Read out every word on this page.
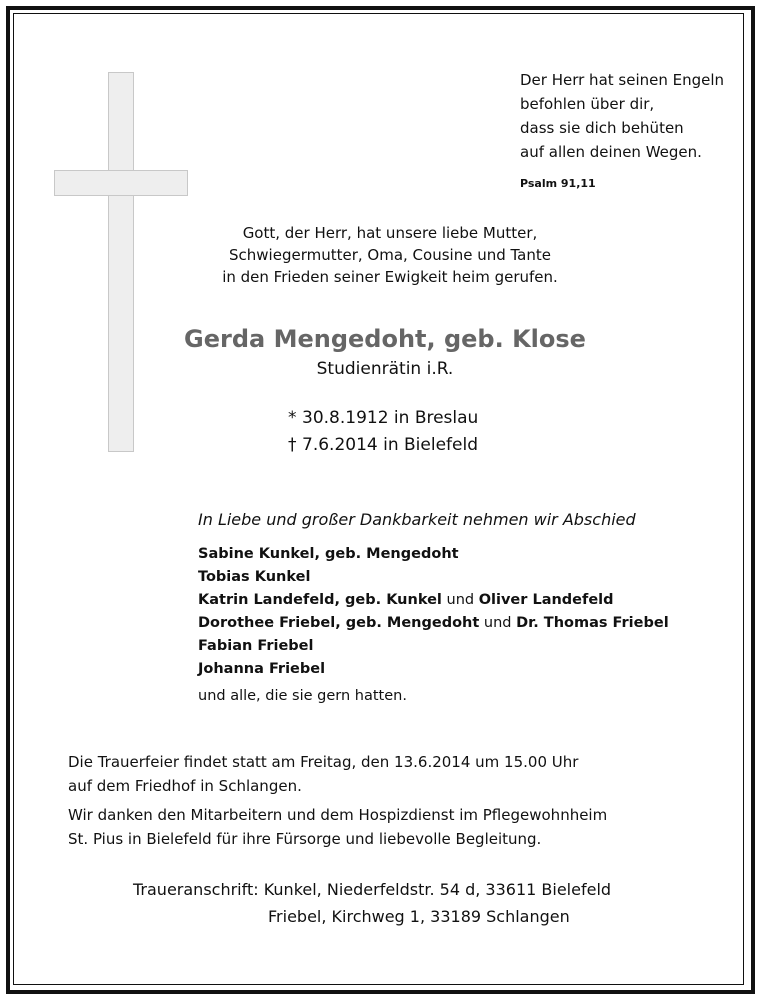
Der Herr hat seinen Engeln
befohlen über dir,
dass sie dich behüten
auf allen deinen Wegen.
Psalm 91,11
Gott, der Herr, hat unsere liebe Mutter,
Schwiegermutter, Oma, Cousine und Tante
in den Frieden seiner Ewigkeit heim gerufen.
Gerda Mengedoht, geb. Klose
Studienrätin i.R.
* 30.8.1912 in Breslau
† 7.6.2014 in Bielefeld
In Liebe und großer Dankbarkeit nehmen wir Abschied
Sabine Kunkel, geb. Mengedoht
Tobias Kunkel
Katrin Landefeld, geb. Kunkel und Oliver Landefeld
Dorothee Friebel, geb. Mengedoht und Dr. Thomas Friebel
Fabian Friebel
Johanna Friebel
und alle, die sie gern hatten.
Die Trauerfeier findet statt am Freitag, den 13.6.2014 um 15.00 Uhr
auf dem Friedhof in Schlangen.
Wir danken den Mitarbeitern und dem Hospizdienst im Pflegewohnheim
St. Pius in Bielefeld für ihre Fürsorge und liebevolle Begleitung.
Traueranschrift: Kunkel, Niederfeldstr. 54 d, 33611 Bielefeld
Friebel, Kirchweg 1, 33189 Schlangen
